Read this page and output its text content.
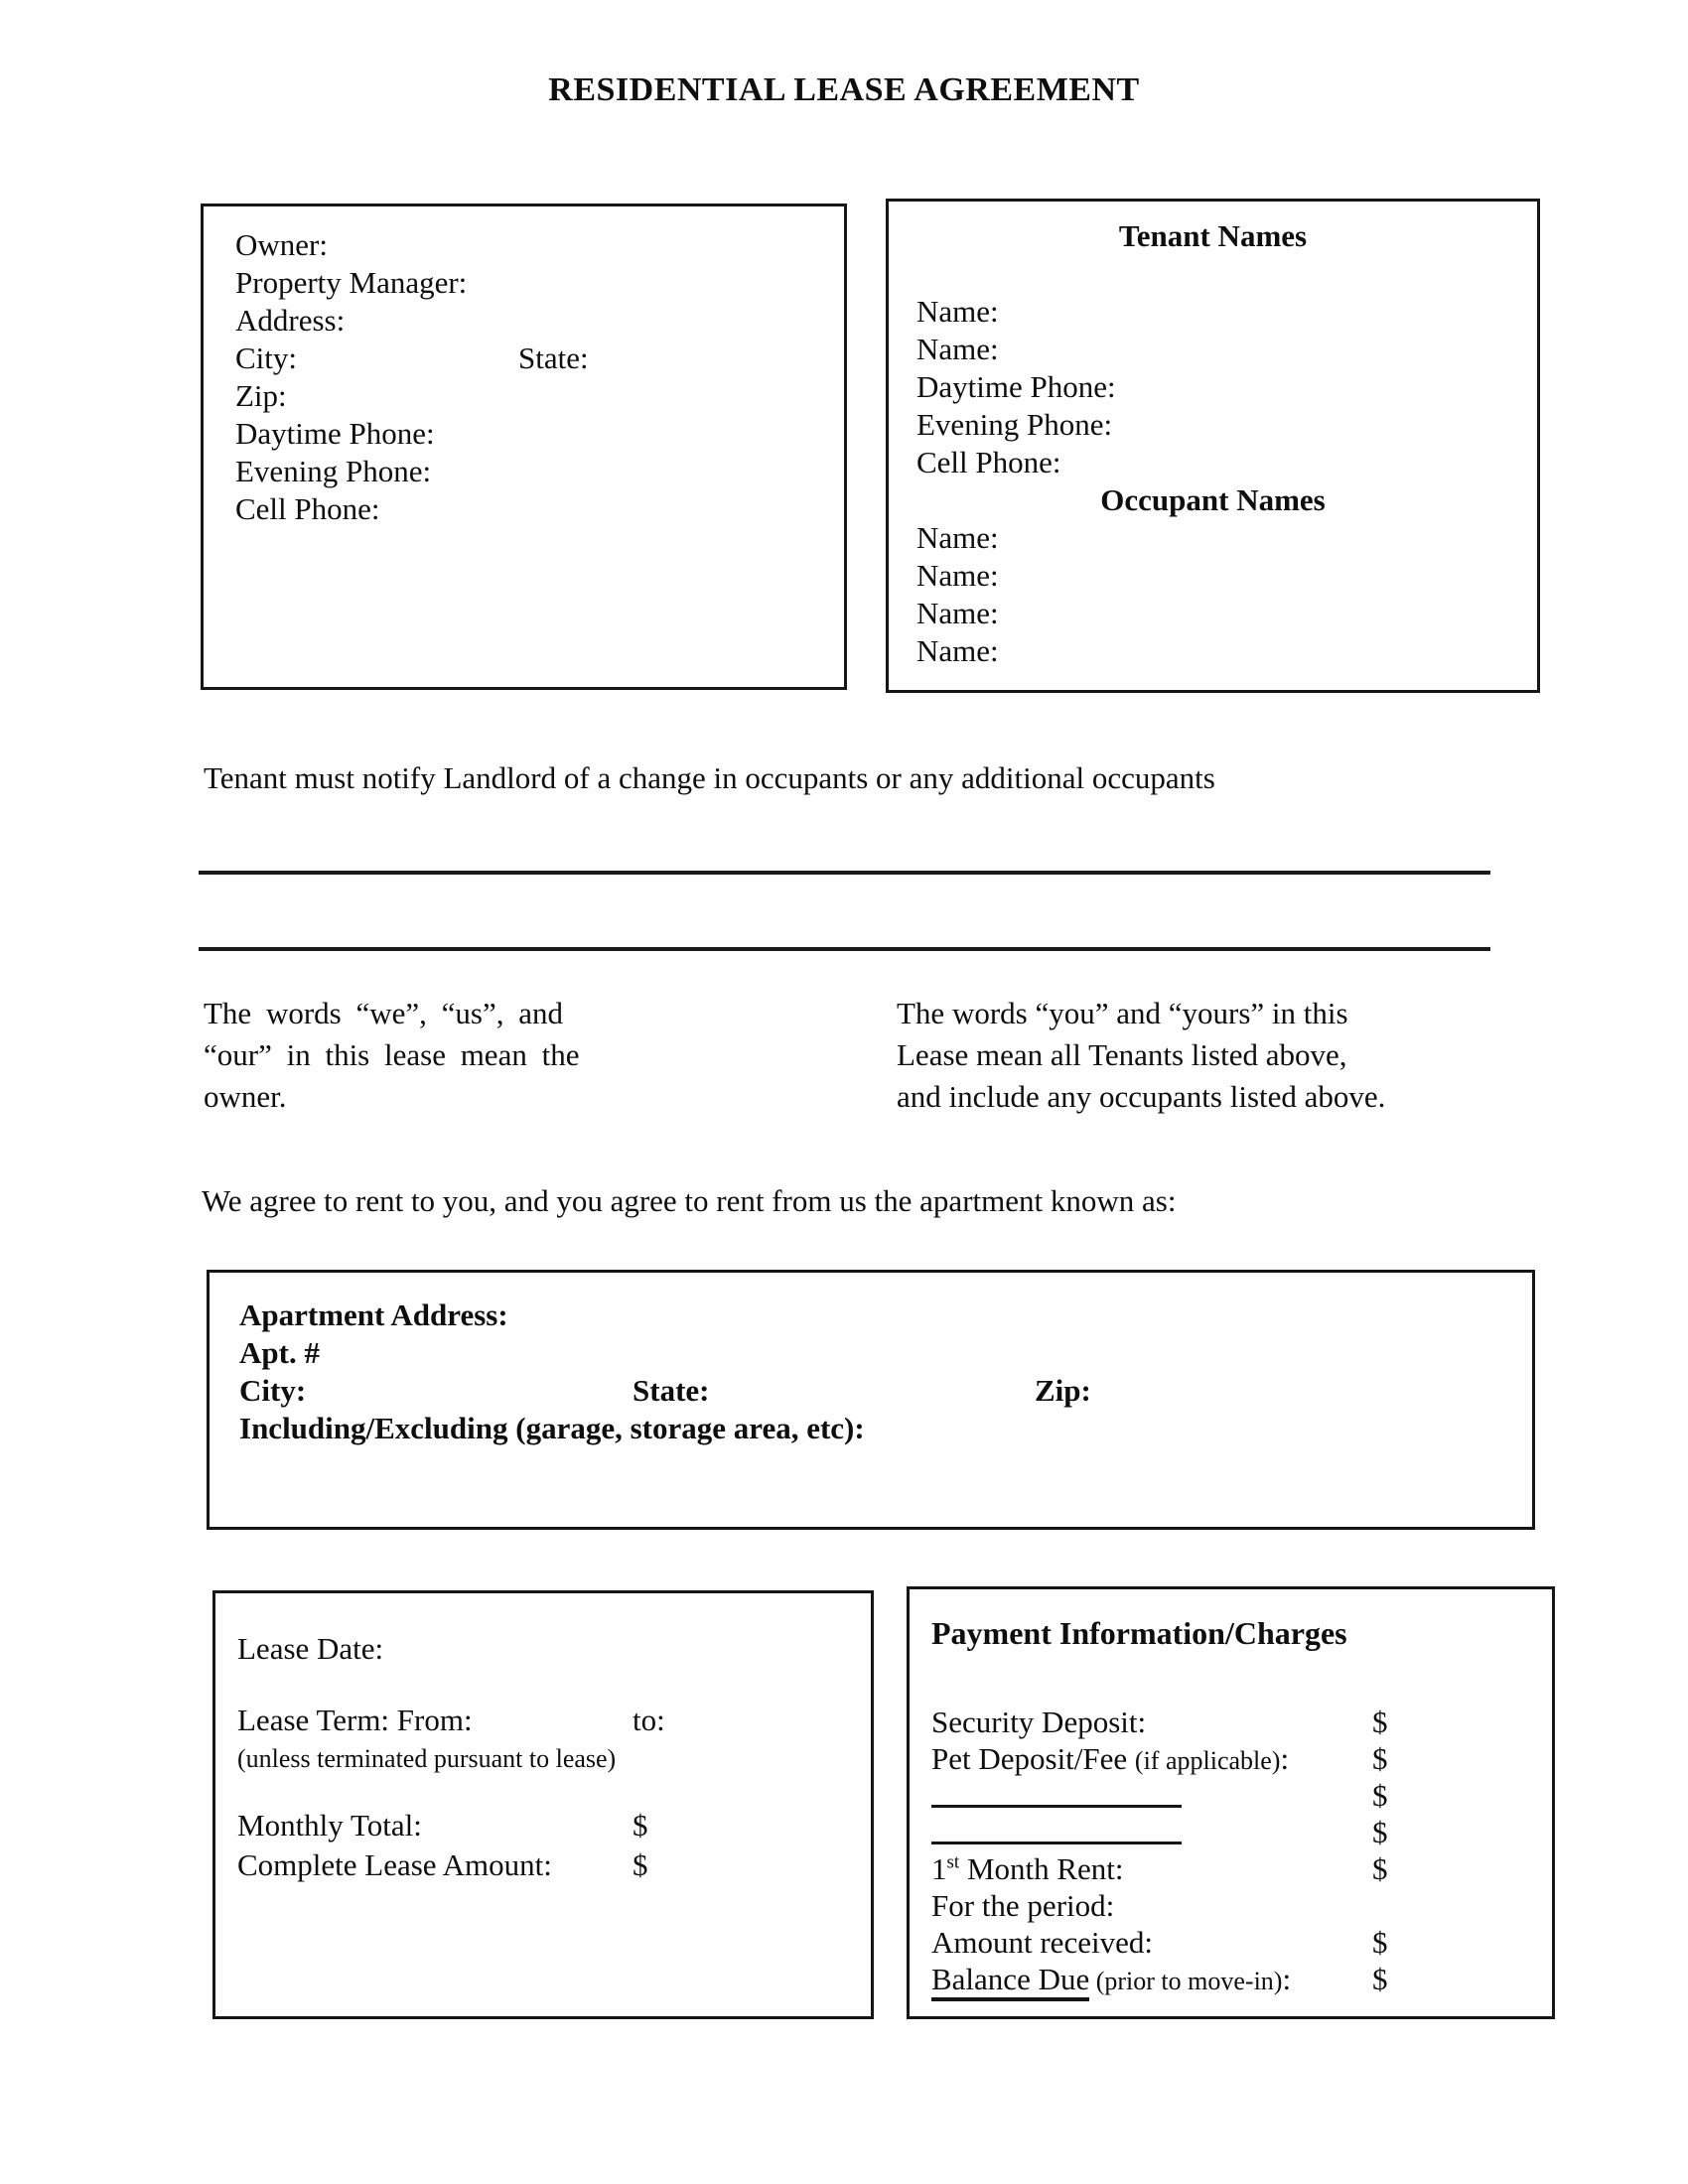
RESIDENTIAL LEASE AGREEMENT
Owner:
Property Manager:
Address:
City:	State:
Zip:
Daytime Phone:
Evening Phone:
Cell Phone:
Tenant Names
Name:
Name:
Daytime Phone:
Evening Phone:
Cell Phone:
Occupant Names
Name:
Name:
Name:
Name:
Tenant must notify Landlord of a change in occupants or any additional occupants
The words “we”, “us”, and
“our” in this lease mean the
owner.
The words “you” and “yours” in this
Lease mean all Tenants listed above,
and include any occupants listed above.
We agree to rent to you, and you agree to rent from us the apartment known as:
Apartment Address:
Apt. #
City:	State:	Zip:
Including/Excluding (garage, storage area, etc):
Lease Date:
Lease Term: From:	to:
(unless terminated pursuant to lease)
Monthly Total:	$
Complete Lease Amount:	$
Payment Information/Charges
Security Deposit:	$
Pet Deposit/Fee (if applicable):	$
$
$
1st Month Rent:	$
For the period:
Amount received:	$
Balance Due (prior to move-in):	$
